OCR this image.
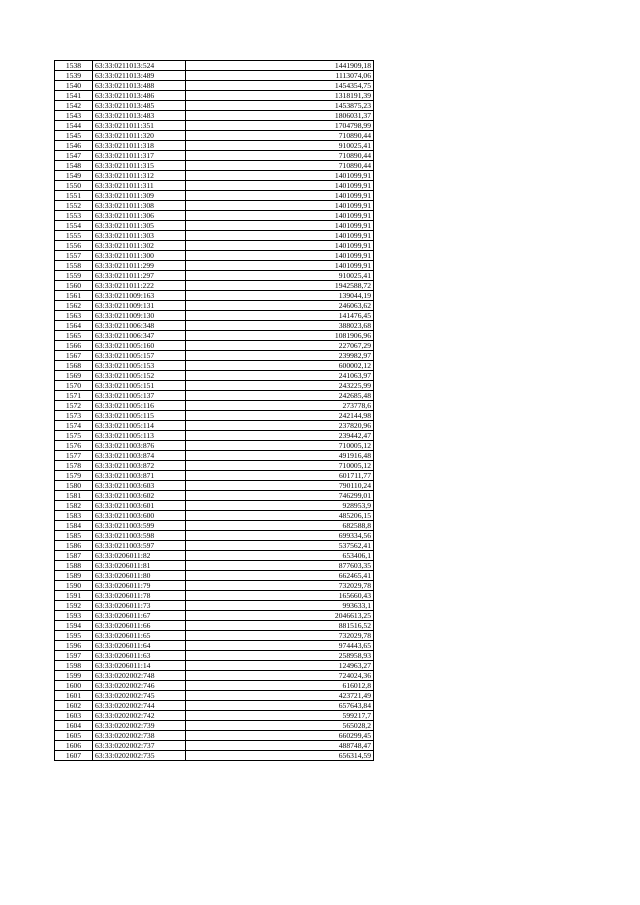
1538	63:33:0211013:524	1441909,18
1539	63:33:0211013:489	1113074,06
1540	63:33:0211013:488	1454354,75
1541	63:33:0211013:486	1318191,39
1542	63:33:0211013:485	1453875,23
1543	63:33:0211013:483	1806031,37
1544	63:33:0211011:351	1704798,99
1545	63:33:0211011:320	710890,44
1546	63:33:0211011:318	910025,41
1547	63:33:0211011:317	710890,44
1548	63:33:0211011:315	710890,44
1549	63:33:0211011:312	1401099,91
1550	63:33:0211011:311	1401099,91
1551	63:33:0211011:309	1401099,91
1552	63:33:0211011:308	1401099,91
1553	63:33:0211011:306	1401099,91
1554	63:33:0211011:305	1401099,91
1555	63:33:0211011:303	1401099,91
1556	63:33:0211011:302	1401099,91
1557	63:33:0211011:300	1401099,91
1558	63:33:0211011:299	1401099,91
1559	63:33:0211011:297	910025,41
1560	63:33:0211011:222	1942588,72
1561	63:33:0211009:163	139044,19
1562	63:33:0211009:131	246063,62
1563	63:33:0211009:130	141476,45
1564	63:33:0211006:348	388023,68
1565	63:33:0211006:347	1081906,96
1566	63:33:0211005:160	227067,29
1567	63:33:0211005:157	239982,97
1568	63:33:0211005:153	600002,12
1569	63:33:0211005:152	241063,97
1570	63:33:0211005:151	243225,99
1571	63:33:0211005:137	242685,48
1572	63:33:0211005:116	273778,6
1573	63:33:0211005:115	242144,98
1574	63:33:0211005:114	237820,96
1575	63:33:0211005:113	239442,47
1576	63:33:0211003:876	710005,12
1577	63:33:0211003:874	491916,48
1578	63:33:0211003:872	710005,12
1579	63:33:0211003:871	601711,77
1580	63:33:0211003:603	790110,24
1581	63:33:0211003:602	746299,01
1582	63:33:0211003:601	928953,9
1583	63:33:0211003:600	485206,15
1584	63:33:0211003:599	682588,8
1585	63:33:0211003:598	699334,56
1586	63:33:0211003:597	537562,41
1587	63:33:0206011:82	653406,1
1588	63:33:0206011:81	877603,35
1589	63:33:0206011:80	662465,41
1590	63:33:0206011:79	732029,78
1591	63:33:0206011:78	165660,43
1592	63:33:0206011:73	993633,1
1593	63:33:0206011:67	2046613,25
1594	63:33:0206011:66	881516,52
1595	63:33:0206011:65	732029,78
1596	63:33:0206011:64	974443,65
1597	63:33:0206011:63	258958,93
1598	63:33:0206011:14	124963,27
1599	63:33:0202002:748	724024,36
1600	63:33:0202002:746	616012,8
1601	63:33:0202002:745	423721,49
1602	63:33:0202002:744	657643,84
1603	63:33:0202002:742	599217,7
1604	63:33:0202002:739	565028,2
1605	63:33:0202002:738	660299,45
1606	63:33:0202002:737	488748,47
1607	63:33:0202002:735	656314,59
